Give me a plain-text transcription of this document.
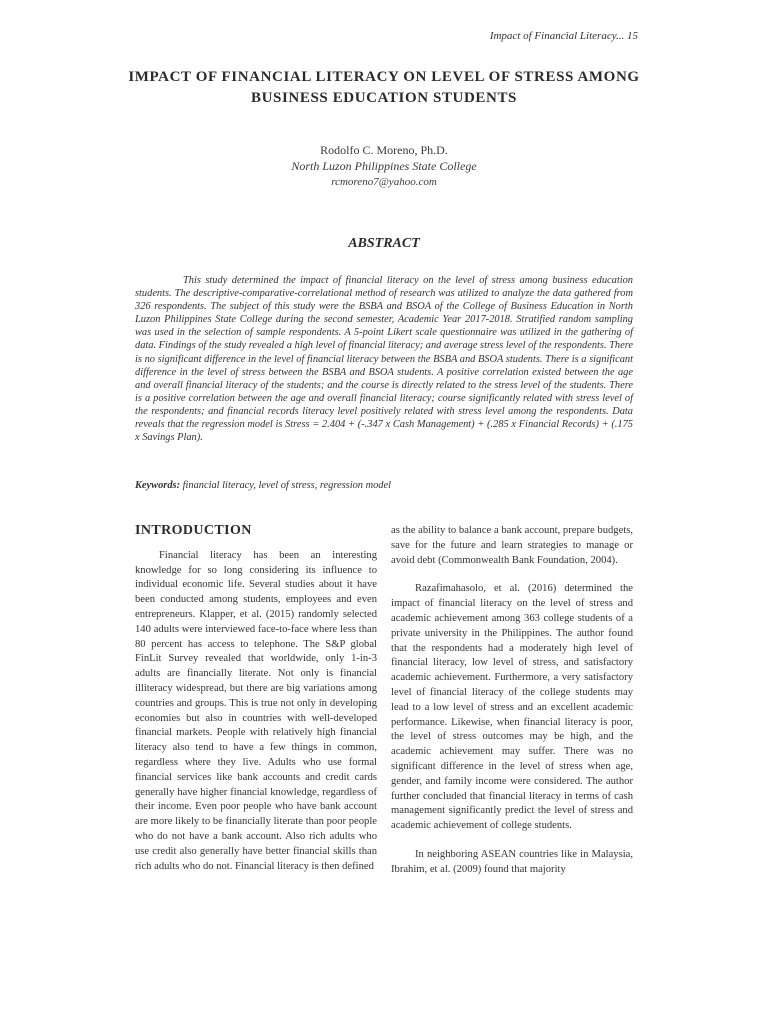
Impact of Financial Literacy... 15
IMPACT OF FINANCIAL LITERACY ON LEVEL OF STRESS AMONG BUSINESS EDUCATION STUDENTS
Rodolfo C. Moreno, Ph.D.
North Luzon Philippines State College
rcmoreno7@yahoo.com
ABSTRACT

This study determined the impact of financial literacy on the level of stress among business education students. The descriptive-comparative-correlational method of research was utilized to analyze the data gathered from 326 respondents. The subject of this study were the BSBA and BSOA of the College of Business Education in North Luzon Philippines State College during the second semester, Academic Year 2017-2018. Stratified random sampling was used in the selection of sample respondents. A 5-point Likert scale questionnaire was utilized in the gathering of data. Findings of the study revealed a high level of financial literacy; and average stress level of the respondents. There is no significant difference in the level of financial literacy between the BSBA and BSOA students. There is a significant difference in the level of stress between the BSBA and BSOA students. A positive correlation existed between the age and overall financial literacy of the students; and the course is directly related to the stress level of the students. There is a positive correlation between the age and overall financial literacy; course significantly related with stress level of the respondents; and financial records literacy level positively related with stress level among the respondents. Data reveals that the regression model is Stress = 2.404 + (-.347 x Cash Management) + (.285 x Financial Records) + (.175 x Savings Plan).

Keywords: financial literacy, level of stress, regression model

INTRODUCTION

Financial literacy has been an interesting knowledge for so long considering its influence to individual economic life. Several studies about it have been conducted among students, employees and even entrepreneurs. Klapper, et al. (2015) randomly selected 140 adults were interviewed face-to-face where less than 80 percent has access to telephone. The S&P global FinLit Survey revealed that worldwide, only 1-in-3 adults are financially literate. Not only is financial illiteracy widespread, but there are big variations among countries and groups. This is true not only in developing economies but also in countries with well-developed financial markets. People with relatively high financial literacy also tend to have a few things in common, regardless where they live. Adults who use formal financial services like bank accounts and credit cards generally have higher financial knowledge, regardless of their income. Even poor people who have bank account are more likely to be financially literate than poor people who do not have a bank account. Also rich adults who use credit also generally have better financial skills than rich adults who do not. Financial literacy is then defined

as the ability to balance a bank account, prepare budgets, save for the future and learn strategies to manage or avoid debt (Commonwealth Bank Foundation, 2004).

Razafimahasolo, et al. (2016) determined the impact of financial literacy on the level of stress and academic achievement among 363 college students of a private university in the Philippines. The author found that the respondents had a moderately high level of financial literacy, low level of stress, and satisfactory academic achievement. Furthermore, a very satisfactory level of financial literacy of the college students may lead to a low level of stress and an excellent academic performance. Likewise, when financial literacy is poor, the level of stress outcomes may be high, and the academic achievement may suffer. There was no significant difference in the level of stress when age, gender, and family income were considered. The author further concluded that financial literacy in terms of cash management significantly predict the level of stress and academic achievement of college students.

In neighboring ASEAN countries like in Malaysia, Ibrahim, et al. (2009) found that majority
